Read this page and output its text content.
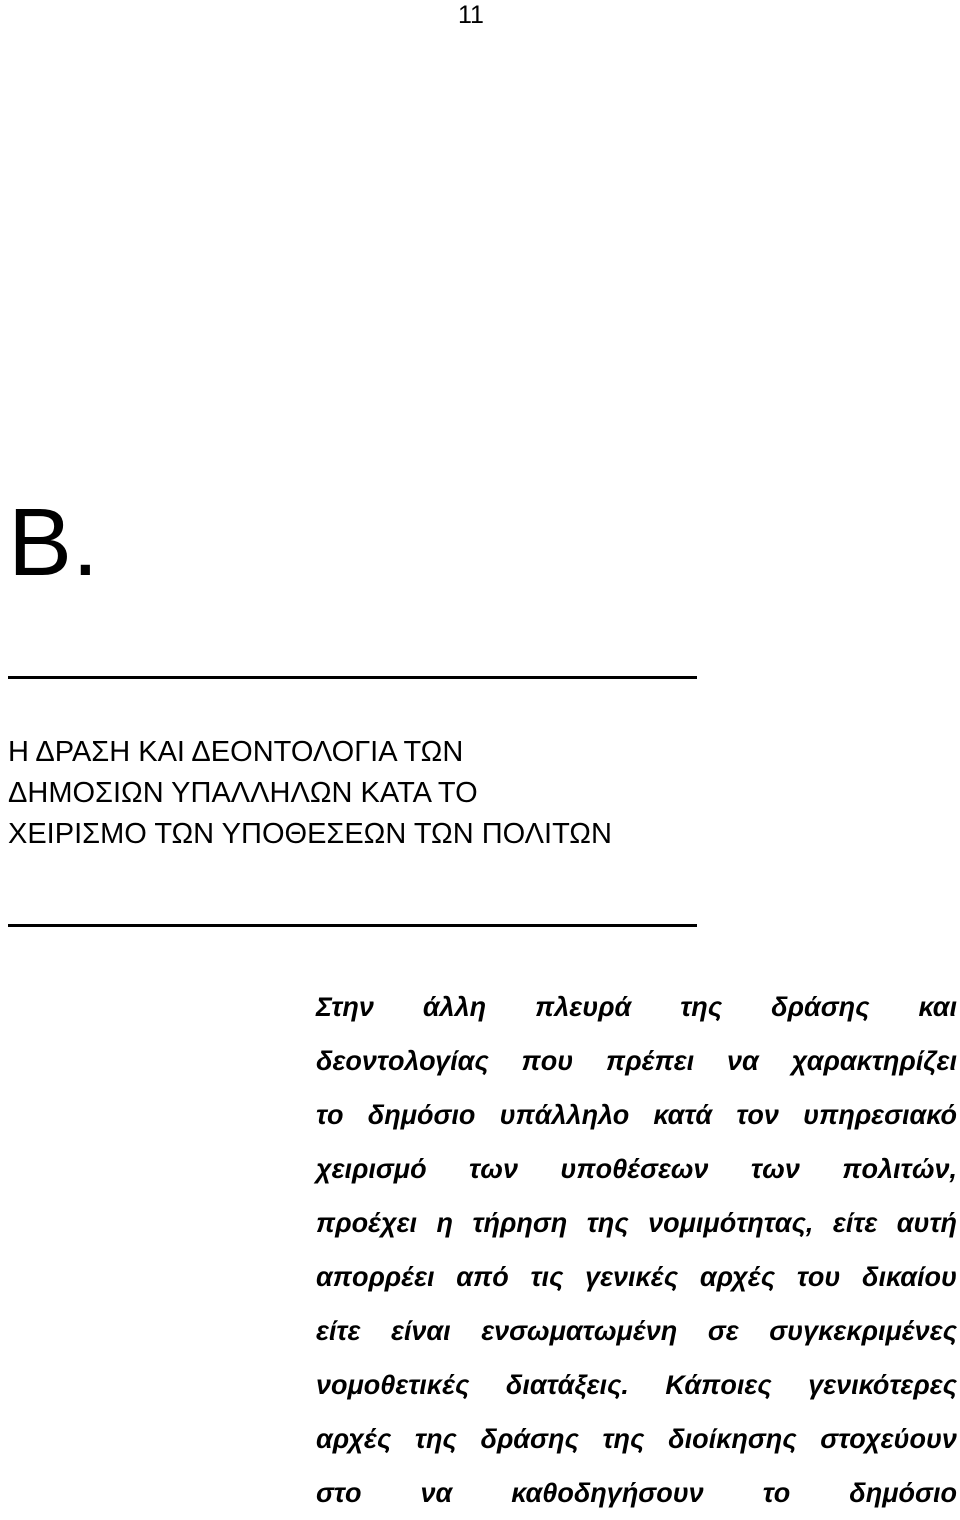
11
Β.
Η ΔΡΑΣΗ ΚΑΙ ΔΕΟΝΤΟΛΟΓΙΑ ΤΩΝ
ΔΗΜΟΣΙΩΝ ΥΠΑΛΛΗΛΩΝ ΚΑΤΑ ΤΟ
ΧΕΙΡΙΣΜΟ ΤΩΝ ΥΠΟΘΕΣΕΩΝ ΤΩΝ ΠΟΛΙΤΩΝ
Στην άλλη πλευρά της δράσης και
δεοντολογίας που πρέπει να χαρακτηρίζει
το δημόσιο υπάλληλο κατά τον υπηρεσιακό
χειρισμό των υποθέσεων των πολιτών,
προέχει η τήρηση της νομιμότητας, είτε αυτή
απορρέει από τις γενικές αρχές του δικαίου
είτε είναι ενσωματωμένη σε συγκεκριμένες
νομοθετικές διατάξεις. Κάποιες γενικότερες
αρχές της δράσης της διοίκησης στοχεύουν
στο να καθοδηγήσουν το δημόσιο
